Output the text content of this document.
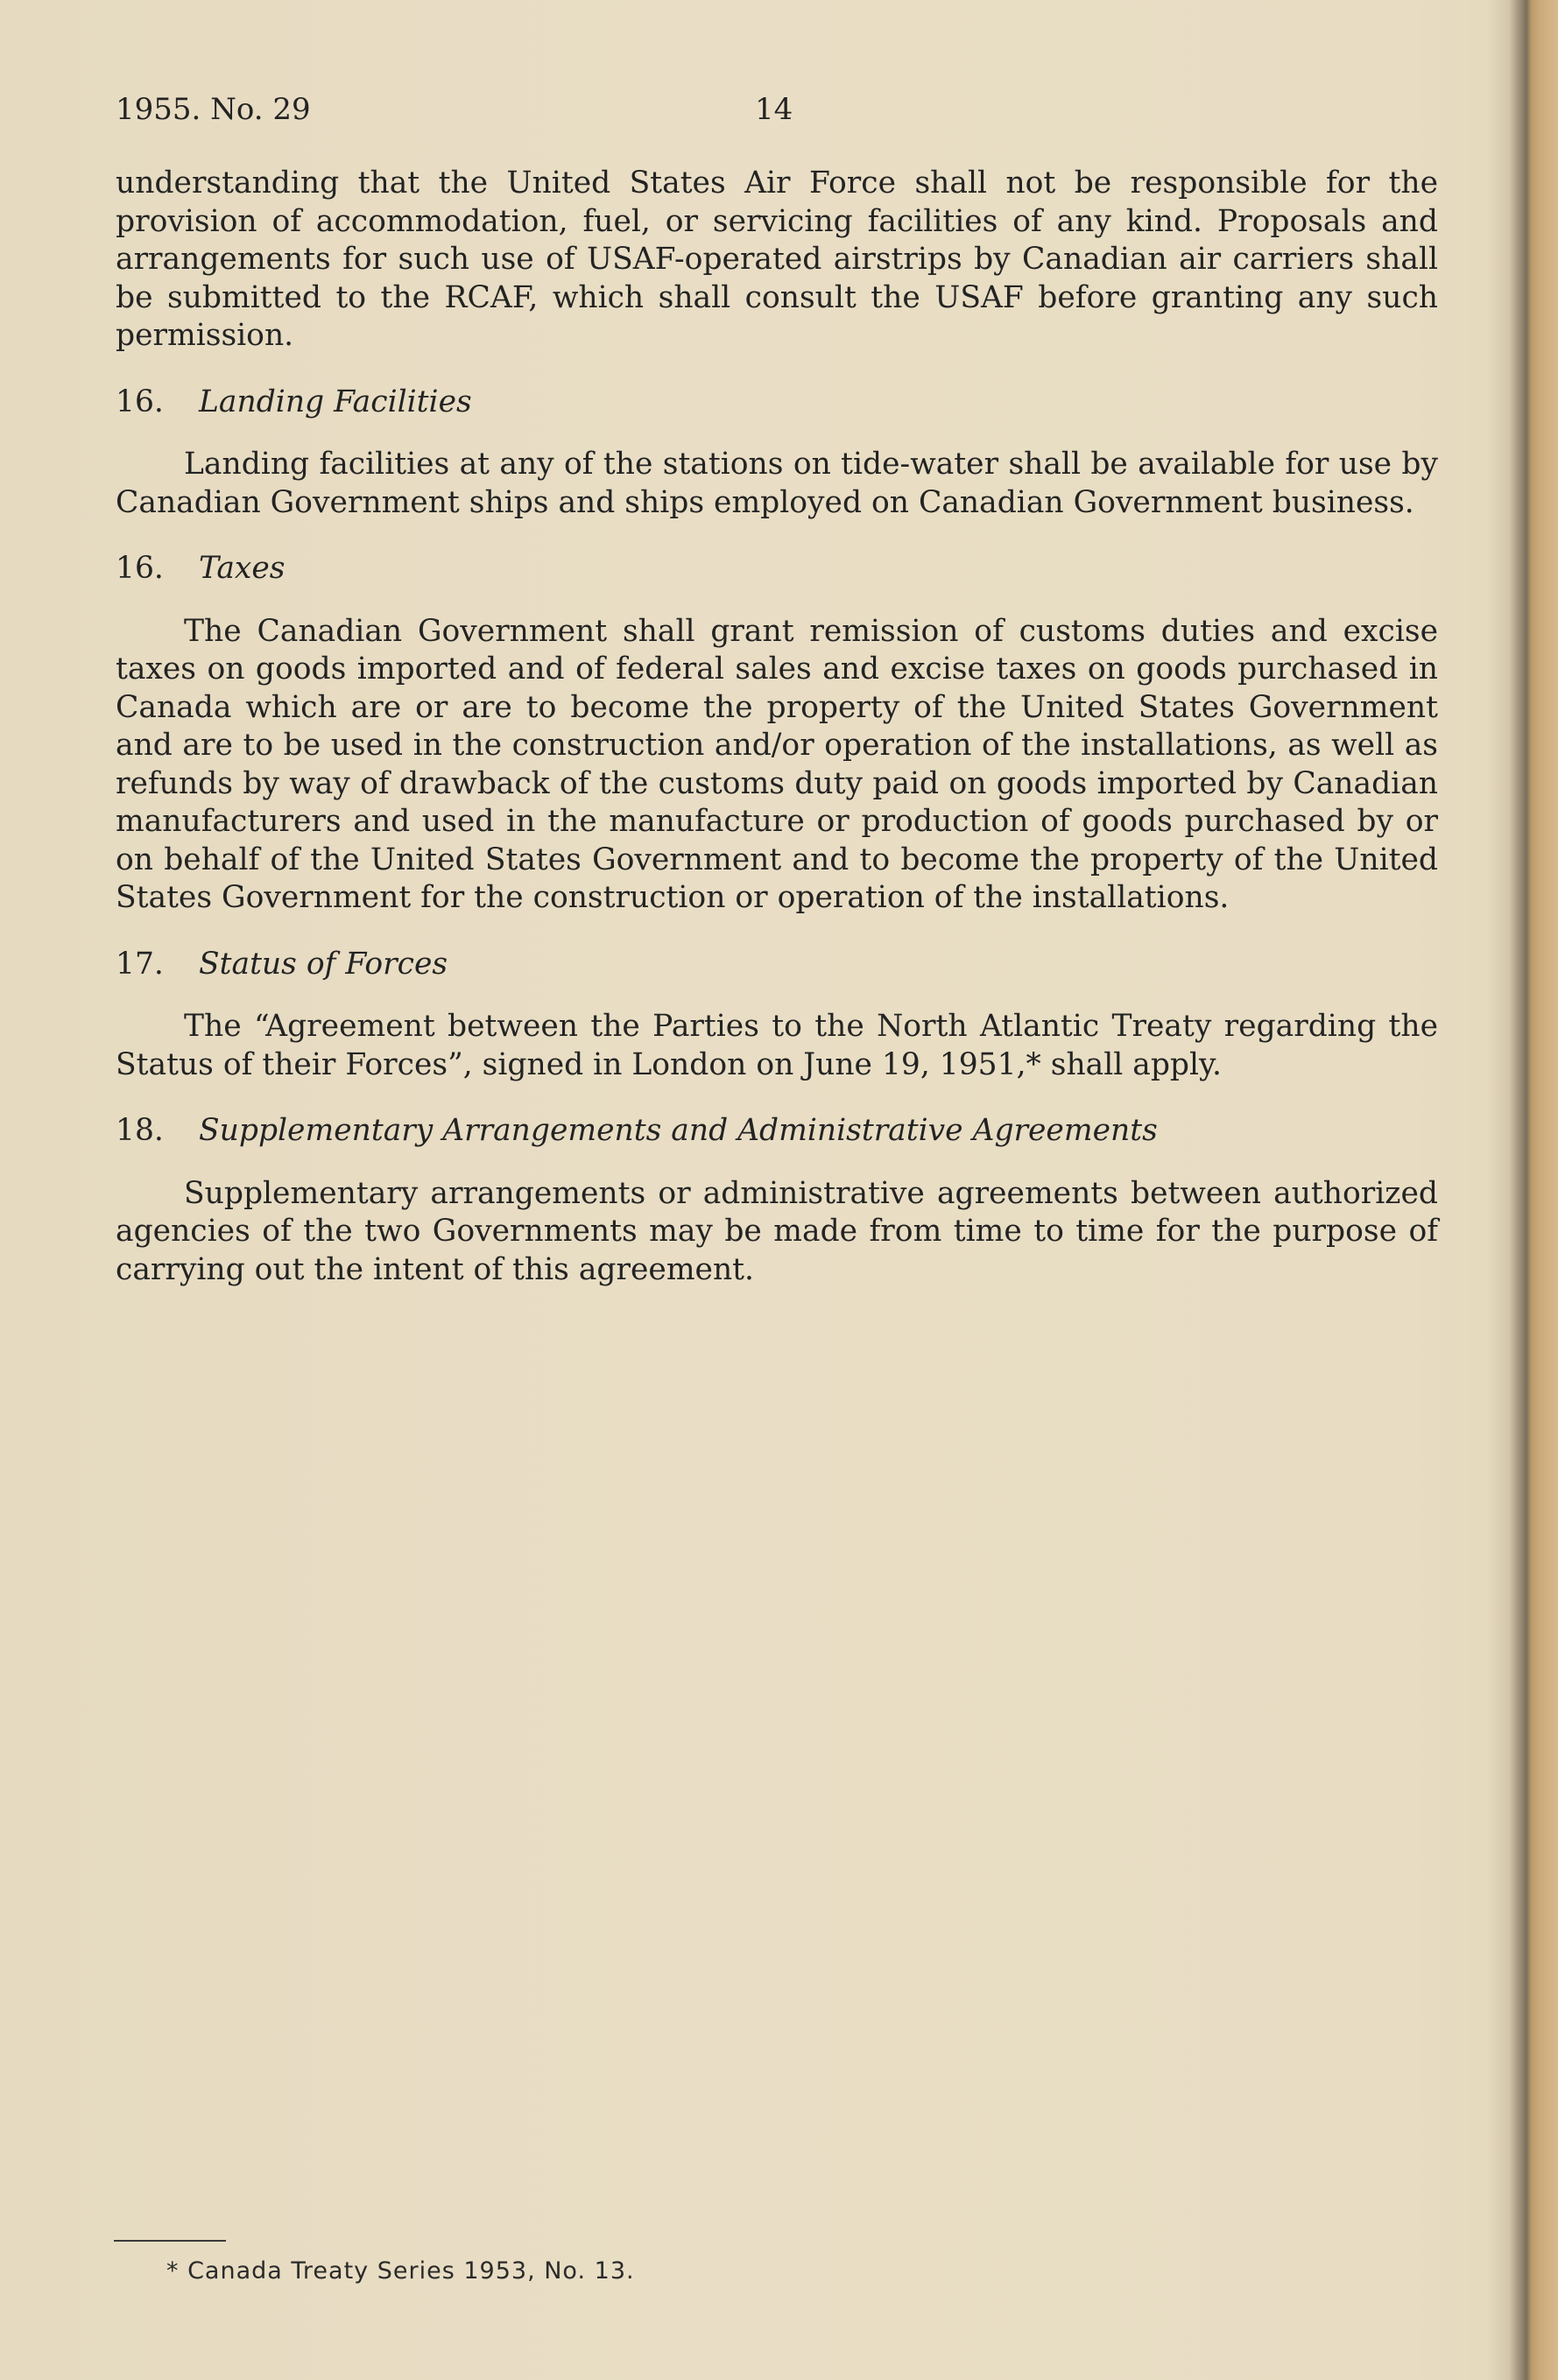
1955. No. 29	14

understanding that the United States Air Force shall not be responsible for the provision of accommodation, fuel, or servicing facilities of any kind. Proposals and arrangements for such use of USAF-operated airstrips by Canadian air carriers shall be submitted to the RCAF, which shall consult the USAF before granting any such permission.

16. Landing Facilities

Landing facilities at any of the stations on tide-water shall be available for use by Canadian Government ships and ships employed on Canadian Government business.

16. Taxes

The Canadian Government shall grant remission of customs duties and excise taxes on goods imported and of federal sales and excise taxes on goods purchased in Canada which are or are to become the property of the United States Government and are to be used in the construction and/or operation of the installations, as well as refunds by way of drawback of the customs duty paid on goods imported by Canadian manufacturers and used in the manufacture or production of goods purchased by or on behalf of the United States Government and to become the property of the United States Government for the construction or operation of the installations.

17. Status of Forces

The “Agreement between the Parties to the North Atlantic Treaty regarding the Status of their Forces”, signed in London on June 19, 1951,* shall apply.

18. Supplementary Arrangements and Administrative Agreements

Supplementary arrangements or administrative agreements between authorized agencies of the two Governments may be made from time to time for the purpose of carrying out the intent of this agreement.

* Canada Treaty Series 1953, No. 13.
